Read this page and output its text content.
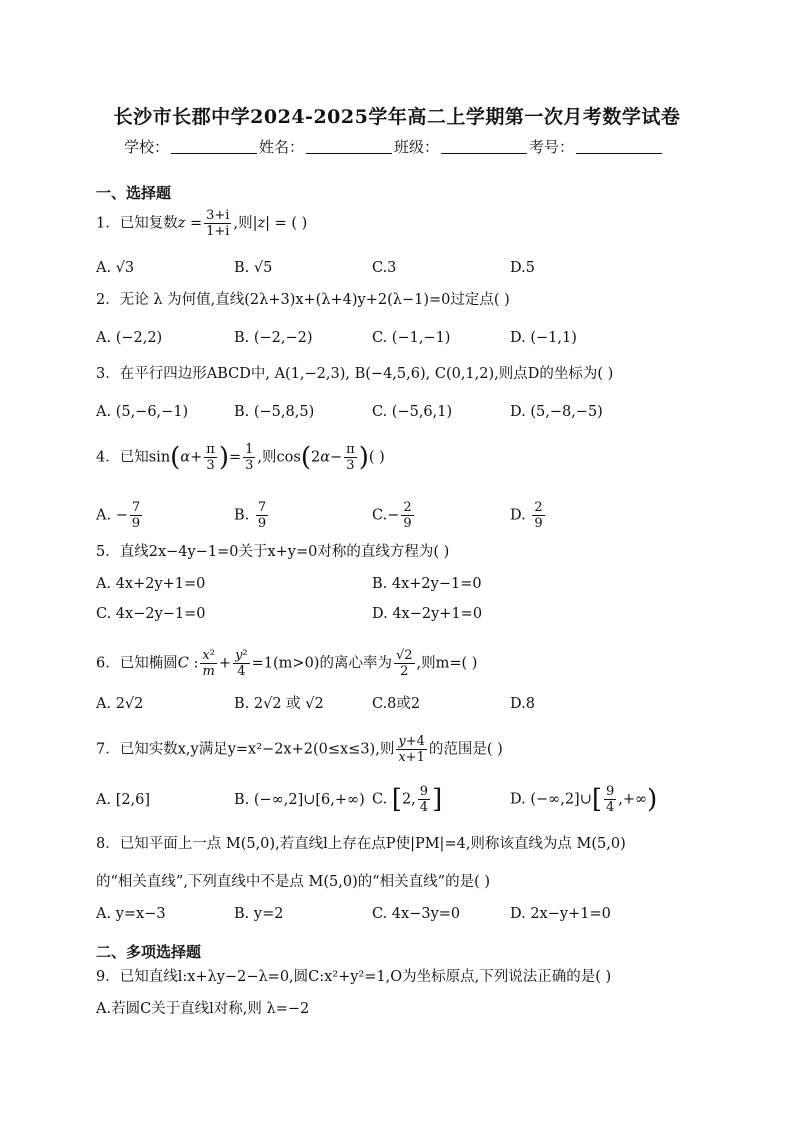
长沙市长郡中学2024-2025学年高二上学期第一次月考数学试卷
学校：	姓名：	班级：	考号：
一、选择题
1．已知复数$z = \frac{3+i}{1+i}$ ,则|z| = ( )
A. √3	B. √5	C.3	D.5
2．无论 λ 为何值,直线(2λ+3)x+(λ+4)y+2(λ−1)=0过定点( )
A. (−2,2)	B. (−2,−2)	C. (−1,−1)	D. (−1,1)
3．在平行四边形ABCD中, A(1,−2,3), B(−4,5,6), C(0,1,2),则点D的坐标为( )
A. (5,−6,−1)	B. (−5,8,5)	C. (−5,6,1)	D. (5,−8,−5)
4．已知$\sin(\alpha+ \frac{\pi}{3}$ )= $\frac{1}{3}$ ,则$\cos(2\alpha- \frac{\pi}{3}$ )( )
A. − $\frac{7}{9}$	B. $\frac{7}{9}$	$C.- \frac{2}{9}$	D. $\frac{2}{9}$
5．直线2x−4y−1=0关于x+y=0对称的直线方程为( )
A. 4x+2y+1=0	B. 4x+2y−1=0
C. 4x−2y−1=0	D. 4x−2y+1=0
6．已知椭圆C : $\frac{\text{x²}}{m} + \frac{\text{y²}}{4} =1(m>0)$的离心率为 $\frac{√2}{2}$ ,则m=( )
A. 2√2	B. 2√2 或 √2	C.8或2	D.8
7．已知实数x,y满足y=x²−2x+2(0≤x≤3),则 $\frac{y+4}{x+1}$ 的范围是( )
A. [2,6]	B. (−∞,2]∪[6,+∞) C. [2, $\frac{9}{4}$ ]	D. (−∞,2]∪[ $\frac{9}{4}$ ,+∞)
8．已知平面上一点 M(5,0),若直线l上存在点P使|PM|=4,则称该直线为点 M(5,0)
的“相关直线”,下列直线中不是点 M(5,0)的“相关直线”的是( )
A. y=x−3	B. y=2	C. 4x−3y=0	D. 2x−y+1=0
二、多项选择题
9．已知直线l:x+λy−2−λ=0,圆C:x²+y²=1,O为坐标原点,下列说法正确的是( )
A.若圆C关于直线l对称,则 λ=−2
